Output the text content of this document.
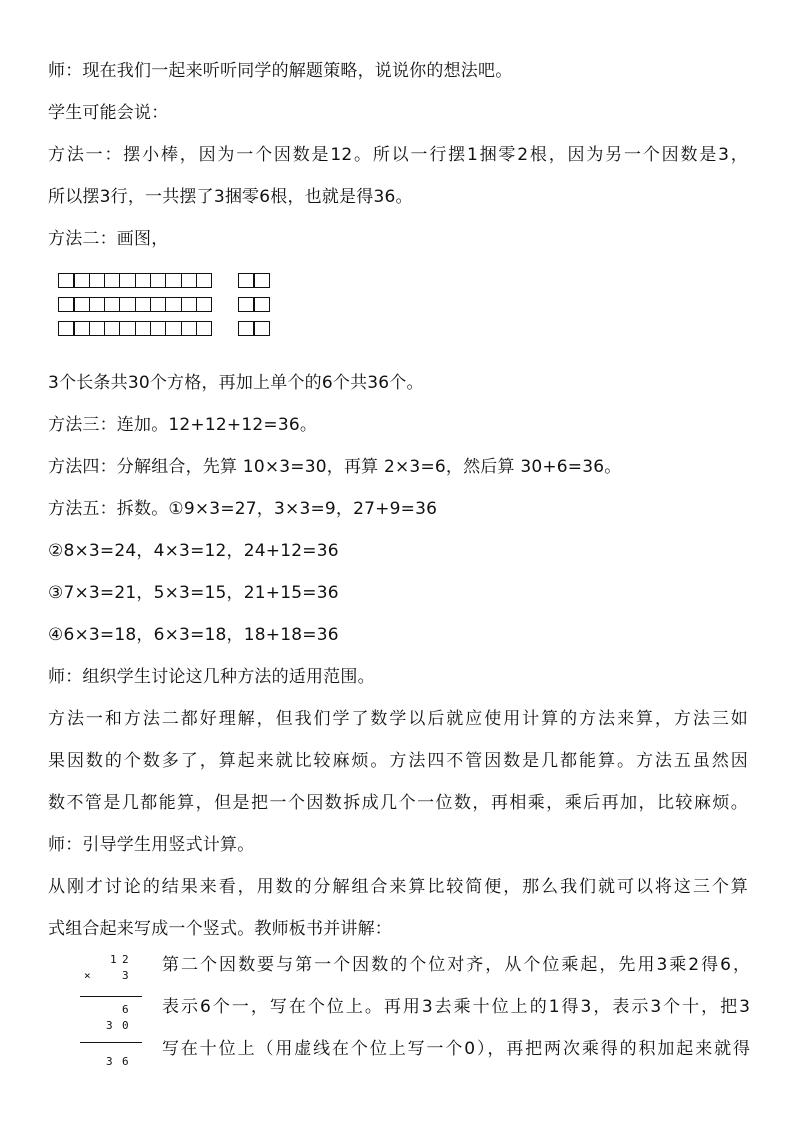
师：现在我们一起来听听同学的解题策略，说说你的想法吧。
学生可能会说：
方法一：摆小棒，因为一个因数是12。所以一行摆1捆零2根，因为另一个因数是3，
所以摆3行，一共摆了3捆零6根，也就是得36。
方法二：画图，
3个长条共30个方格，再加上单个的6个共36个。
方法三：连加。12+12+12=36。
方法四：分解组合，先算 10×3=30，再算 2×3=6，然后算 30+6=36。
方法五：拆数。①9×3=27，3×3=9，27+9=36
②8×3=24，4×3=12，24+12=36
③7×3=21，5×3=15，21+15=36
④6×3=18，6×3=18，18+18=36
师：组织学生讨论这几种方法的适用范围。
方法一和方法二都好理解，但我们学了数学以后就应使用计算的方法来算，方法三如
果因数的个数多了，算起来就比较麻烦。方法四不管因数是几都能算。方法五虽然因
数不管是几都能算，但是把一个因数拆成几个一位数，再相乘，乘后再加，比较麻烦。
师：引导学生用竖式计算。
从刚才讨论的结果来看，用数的分解组合来算比较简便，那么我们就可以将这三个算
式组合起来写成一个竖式。教师板书并讲解：
1 2
×	3
6
3 0
3 6
第二个因数要与第一个因数的个位对齐，从个位乘起，先用3乘2得6，
表示6个一，写在个位上。再用3去乘十位上的1得3，表示3个十，把3
写在十位上（用虚线在个位上写一个0），再把两次乘得的积加起来就得
